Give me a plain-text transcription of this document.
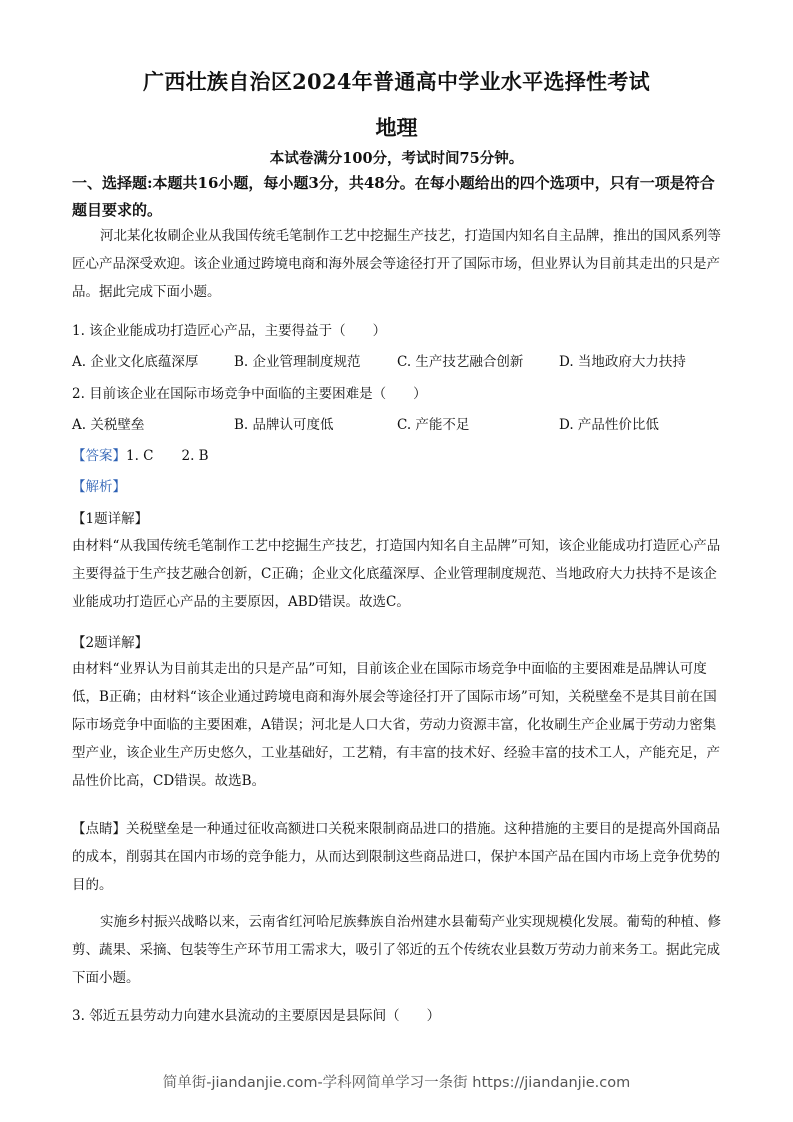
广西壮族自治区2024年普通高中学业水平选择性考试
地理
本试卷满分100分，考试时间75分钟。
一、选择题:本题共16小题，每小题3分，共48分。在每小题给出的四个选项中，只有一项是符合题目要求的。
河北某化妆刷企业从我国传统毛笔制作工艺中挖掘生产技艺，打造国内知名自主品牌，推出的国风系列等匠心产品深受欢迎。该企业通过跨境电商和海外展会等途径打开了国际市场，但业界认为目前其走出的只是产品。据此完成下面小题。
1. 该企业能成功打造匠心产品，主要得益于（　　）
A. 企业文化底蕴深厚	B. 企业管理制度规范	C. 生产技艺融合创新	D. 当地政府大力扶持
2. 目前该企业在国际市场竞争中面临的主要困难是（　　）
A. 关税壁垒	B. 品牌认可度低	C. 产能不足	D. 产品性价比低
【答案】1. C 2. B
【解析】
【1题详解】
由材料“从我国传统毛笔制作工艺中挖掘生产技艺，打造国内知名自主品牌”可知，该企业能成功打造匠心产品主要得益于生产技艺融合创新，C正确；企业文化底蕴深厚、企业管理制度规范、当地政府大力扶持不是该企业能成功打造匠心产品的主要原因，ABD错误。故选C。
【2题详解】
由材料“业界认为目前其走出的只是产品”可知，目前该企业在国际市场竞争中面临的主要困难是品牌认可度低，B正确；由材料“该企业通过跨境电商和海外展会等途径打开了国际市场”可知，关税壁垒不是其目前在国际市场竞争中面临的主要困难，A错误；河北是人口大省，劳动力资源丰富，化妆刷生产企业属于劳动力密集型产业，该企业生产历史悠久，工业基础好，工艺精，有丰富的技术好、经验丰富的技术工人，产能充足，产品性价比高，CD错误。故选B。
【点睛】关税壁垒是一种通过征收高额进口关税来限制商品进口的措施。这种措施的主要目的是提高外国商品的成本，削弱其在国内市场的竞争能力，从而达到限制这些商品进口，保护本国产品在国内市场上竞争优势的目的。
实施乡村振兴战略以来，云南省红河哈尼族彝族自治州建水县葡萄产业实现规模化发展。葡萄的种植、修剪、蔬果、采摘、包装等生产环节用工需求大，吸引了邻近的五个传统农业县数万劳动力前来务工。据此完成下面小题。
3. 邻近五县劳动力向建水县流动的主要原因是县际间（　　）
简单街-jiandanjie.com-学科网简单学习一条街 https://jiandanjie.com
